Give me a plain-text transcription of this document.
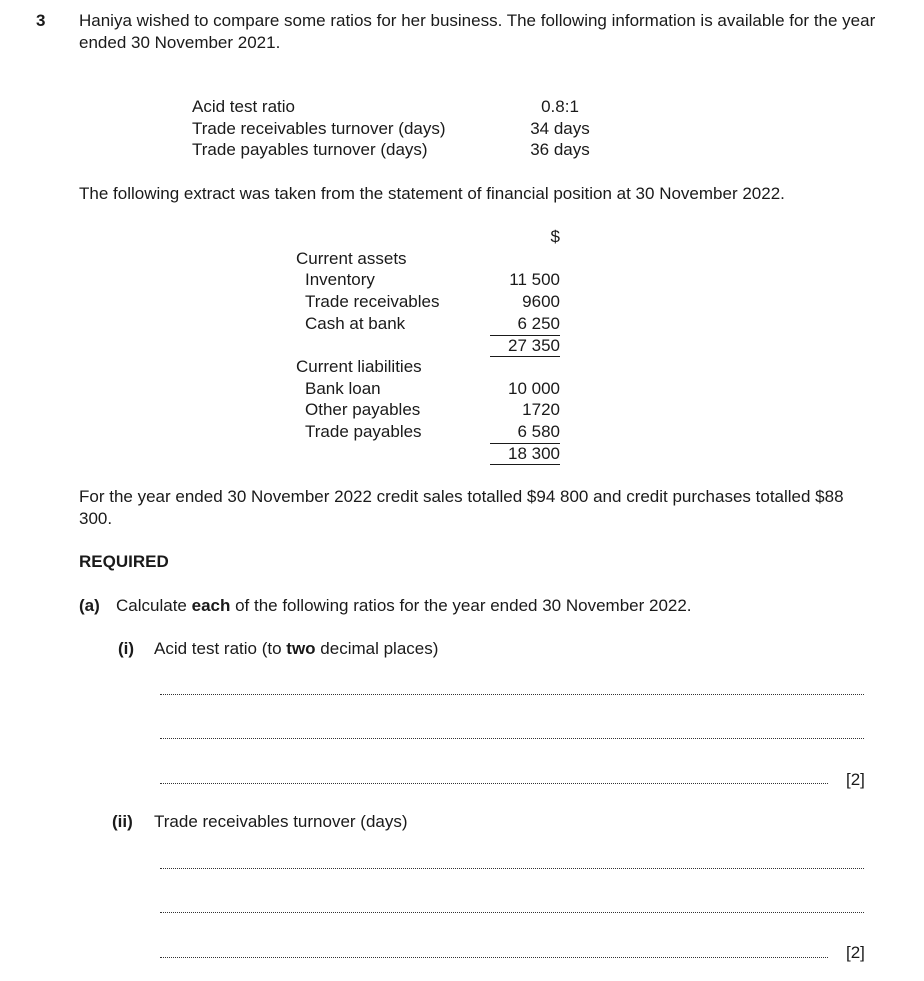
3 Haniya wished to compare some ratios for her business. The following information is available for the year ended 30 November 2021.
Acid test ratio	0.8:1
Trade receivables turnover (days)	34 days
Trade payables turnover (days)	36 days
The following extract was taken from the statement of financial position at 30 November 2022.
$
Current assets
Inventory	11 500
Trade receivables	9600
Cash at bank	6 250
27 350
Current liabilities
Bank loan	10 000
Other payables	1720
Trade payables	6 580
18 300
For the year ended 30 November 2022 credit sales totalled $94 800 and credit purchases totalled $88 300.
REQUIRED
(a) Calculate each of the following ratios for the year ended 30 November 2022.
(i) Acid test ratio (to two decimal places)
[2]
(ii) Trade receivables turnover (days)
[2]
